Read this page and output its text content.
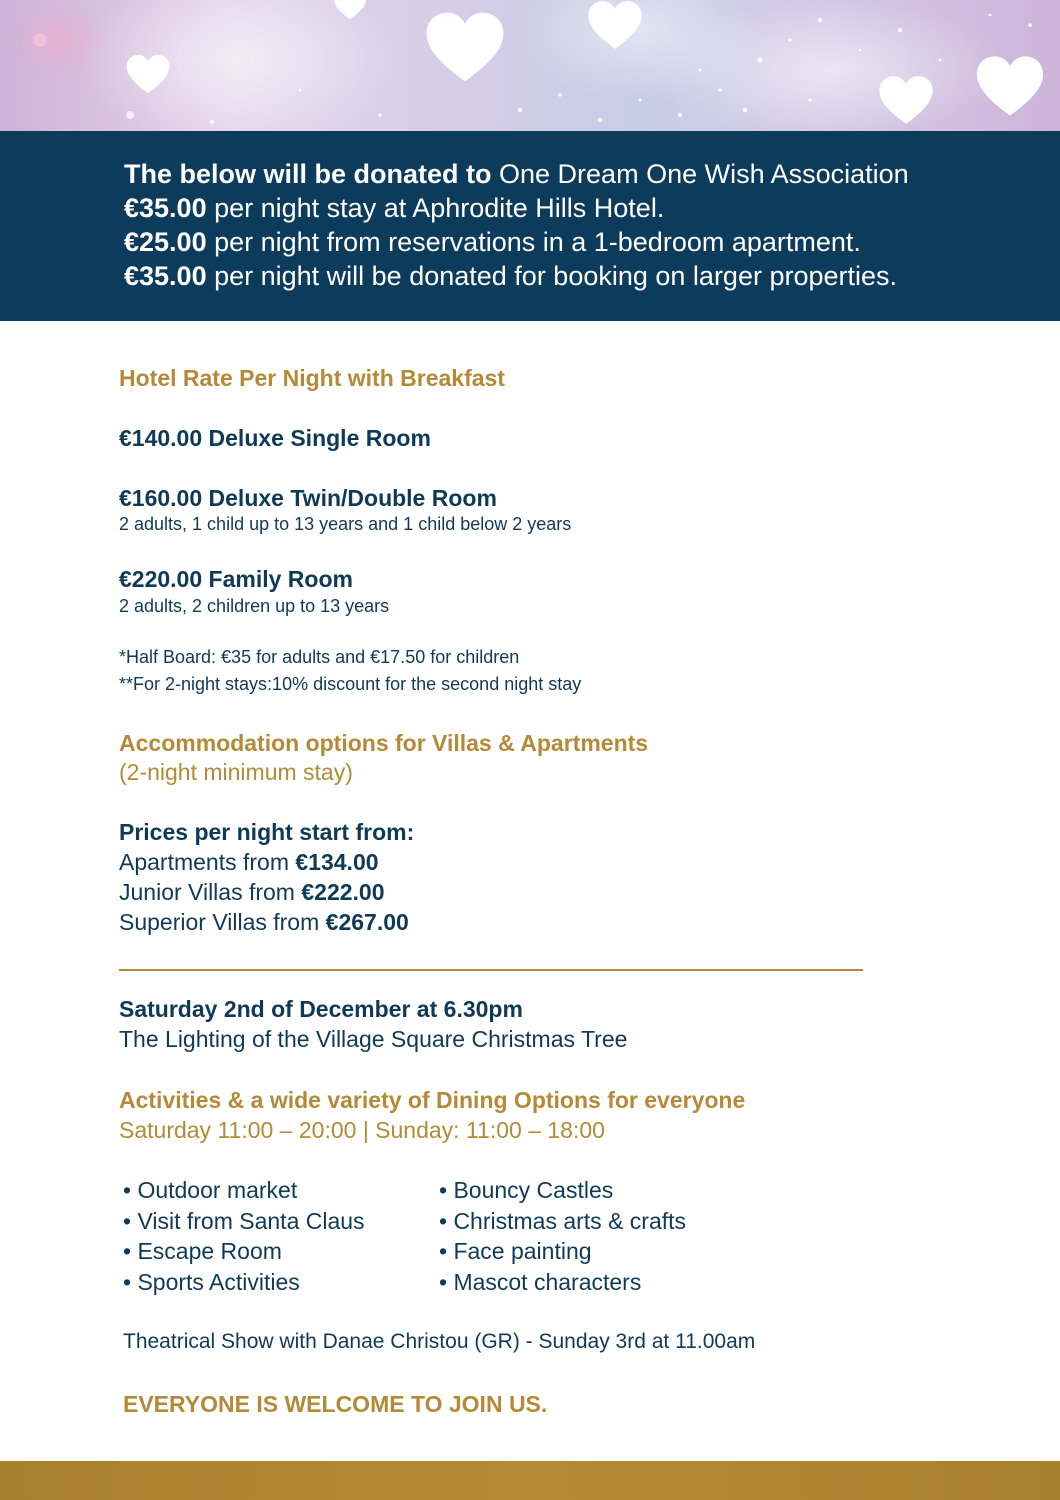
The below will be donated to One Dream One Wish Association
€35.00 per night stay at Aphrodite Hills Hotel.
€25.00 per night from reservations in a 1-bedroom apartment.
€35.00 per night will be donated for booking on larger properties.
Hotel Rate Per Night with Breakfast
€140.00 Deluxe Single Room
€160.00 Deluxe Twin/Double Room
2 adults, 1 child up to 13 years and 1 child below 2 years
€220.00 Family Room
2 adults, 2 children up to 13 years
*Half Board: €35 for adults and €17.50 for children
**For 2-night stays:10% discount for the second night stay
Accommodation options for Villas & Apartments
(2-night minimum stay)
Prices per night start from:
Apartments from €134.00
Junior Villas from €222.00
Superior Villas from €267.00
Saturday 2nd of December at 6.30pm
The Lighting of the Village Square Christmas Tree
Activities & a wide variety of Dining Options for everyone
Saturday 11:00 – 20:00 | Sunday: 11:00 – 18:00
• Outdoor market
• Visit from Santa Claus
• Escape Room
• Sports Activities
• Bouncy Castles
• Christmas arts & crafts
• Face painting
• Mascot characters
Theatrical Show with Danae Christou (GR) - Sunday 3rd at 11.00am
EVERYONE IS WELCOME TO JOIN US.
